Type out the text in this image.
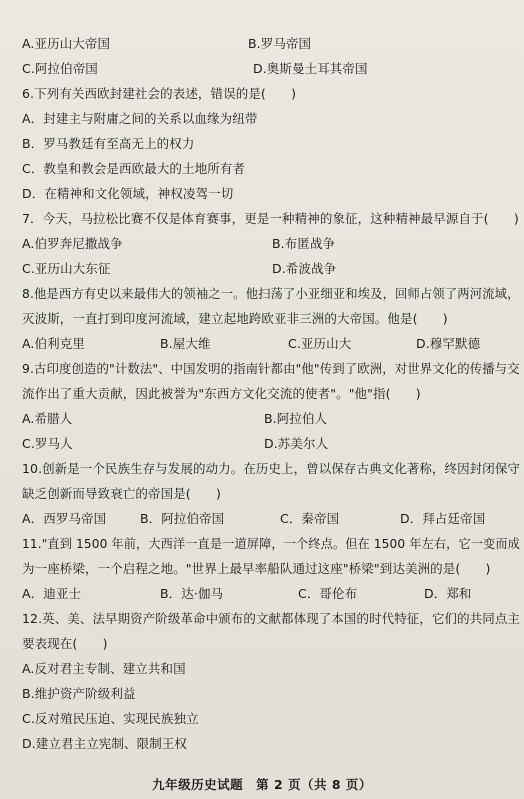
A.亚历山大帝国	B.罗马帝国
C.阿拉伯帝国	D.奥斯曼土耳其帝国
6.下列有关西欧封建社会的表述，错误的是(　　)
A．封建主与附庸之间的关系以血缘为纽带
B．罗马教廷有至高无上的权力
C．教皇和教会是西欧最大的土地所有者
D．在精神和文化领域，神权凌驾一切
7．今天，马拉松比赛不仅是体育赛事，更是一种精神的象征，这种精神最早源自于(　　)
A.伯罗奔尼撒战争	B.布匿战争
C.亚历山大东征	D.希波战争
8.他是西方有史以来最伟大的领袖之一。他扫荡了小亚细亚和埃及，回师占领了两河流域，
灭波斯，一直打到印度河流域，建立起地跨欧亚非三洲的大帝国。他是(　　)
A.伯利克里	B.屋大维	C.亚历山大	D.穆罕默德
9.古印度创造的"计数法"、中国发明的指南针都由"他"传到了欧洲，对世界文化的传播与交
流作出了重大贡献，因此被誉为"东西方文化交流的使者"。"他"指(　　)
A.希腊人	B.阿拉伯人
C.罗马人	D.苏美尔人
10.创新是一个民族生存与发展的动力。在历史上，曾以保存古典文化著称，终因封闭保守
缺乏创新而导致衰亡的帝国是(　　)
A．西罗马帝国	B．阿拉伯帝国	C．秦帝国	D．拜占廷帝国
11."直到 1500 年前，大西洋一直是一道屏障，一个终点。但在 1500 年左右，它一变而成
为一座桥梁，一个启程之地。"世界上最早率船队通过这座"桥梁"到达美洲的是(　　)
A．迪亚士	B．达·伽马	C．哥伦布	D．郑和
12.英、美、法早期资产阶级革命中颁布的文献都体现了本国的时代特征，它们的共同点主
要表现在(　　)
A.反对君主专制、建立共和国
B.维护资产阶级利益
C.反对殖民压迫、实现民族独立
D.建立君主立宪制、限制王权
九年级历史试题　第 2 页（共 8 页）
